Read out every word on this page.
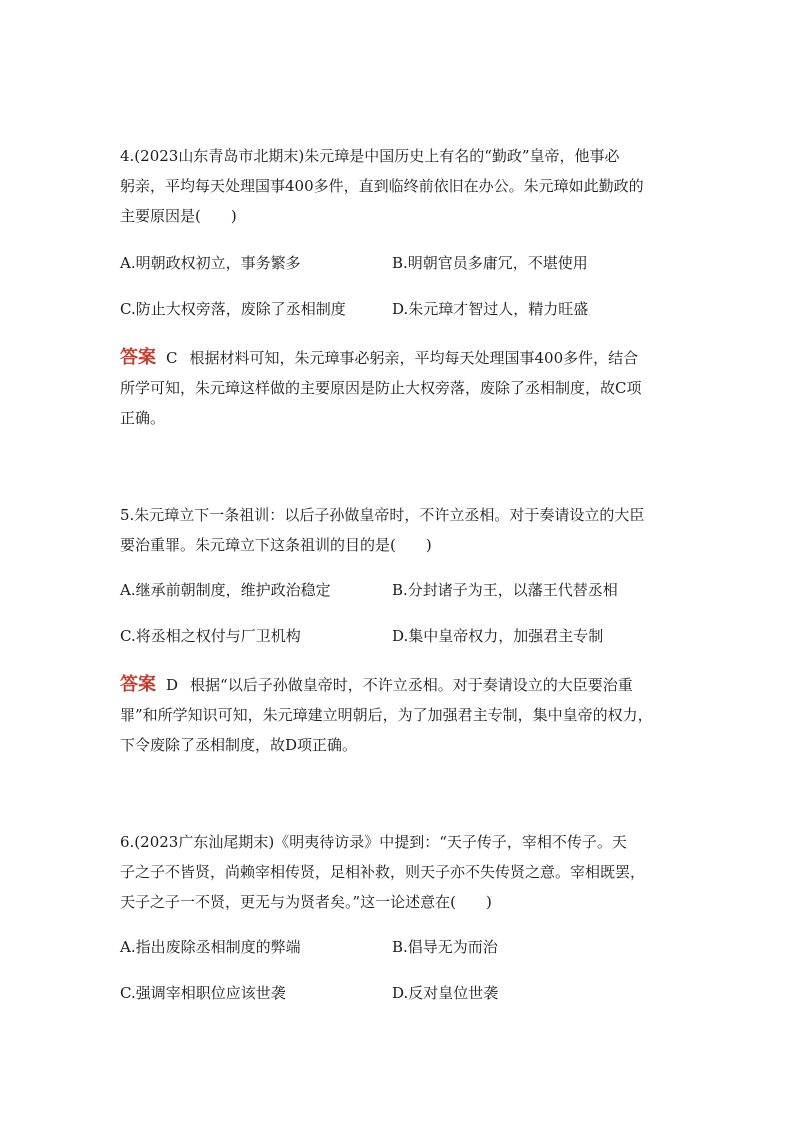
4.(2023山东青岛市北期末)朱元璋是中国历史上有名的“勤政”皇帝，他事必
躬亲，平均每天处理国事400多件，直到临终前依旧在办公。朱元璋如此勤政的
主要原因是(　　)
A.明朝政权初立，事务繁多	B.明朝官员多庸冗，不堪使用
C.防止大权旁落，废除了丞相制度	D.朱元璋才智过人，精力旺盛
答案 C 根据材料可知，朱元璋事必躬亲，平均每天处理国事400多件，结合
所学可知，朱元璋这样做的主要原因是防止大权旁落，废除了丞相制度，故C项
正确。
5.朱元璋立下一条祖训：以后子孙做皇帝时，不许立丞相。对于奏请设立的大臣
要治重罪。朱元璋立下这条祖训的目的是(　　)
A.继承前朝制度，维护政治稳定	B.分封诸子为王，以藩王代替丞相
C.将丞相之权付与厂卫机构	D.集中皇帝权力，加强君主专制
答案 D 根据“以后子孙做皇帝时，不许立丞相。对于奏请设立的大臣要治重
罪”和所学知识可知，朱元璋建立明朝后，为了加强君主专制，集中皇帝的权力，
下令废除了丞相制度，故D项正确。
6.(2023广东汕尾期末)《明夷待访录》中提到：“天子传子，宰相不传子。天
子之子不皆贤，尚赖宰相传贤，足相补救，则天子亦不失传贤之意。宰相既罢，
天子之子一不贤，更无与为贤者矣。”这一论述意在(　　)
A.指出废除丞相制度的弊端	B.倡导无为而治
C.强调宰相职位应该世袭	D.反对皇位世袭
